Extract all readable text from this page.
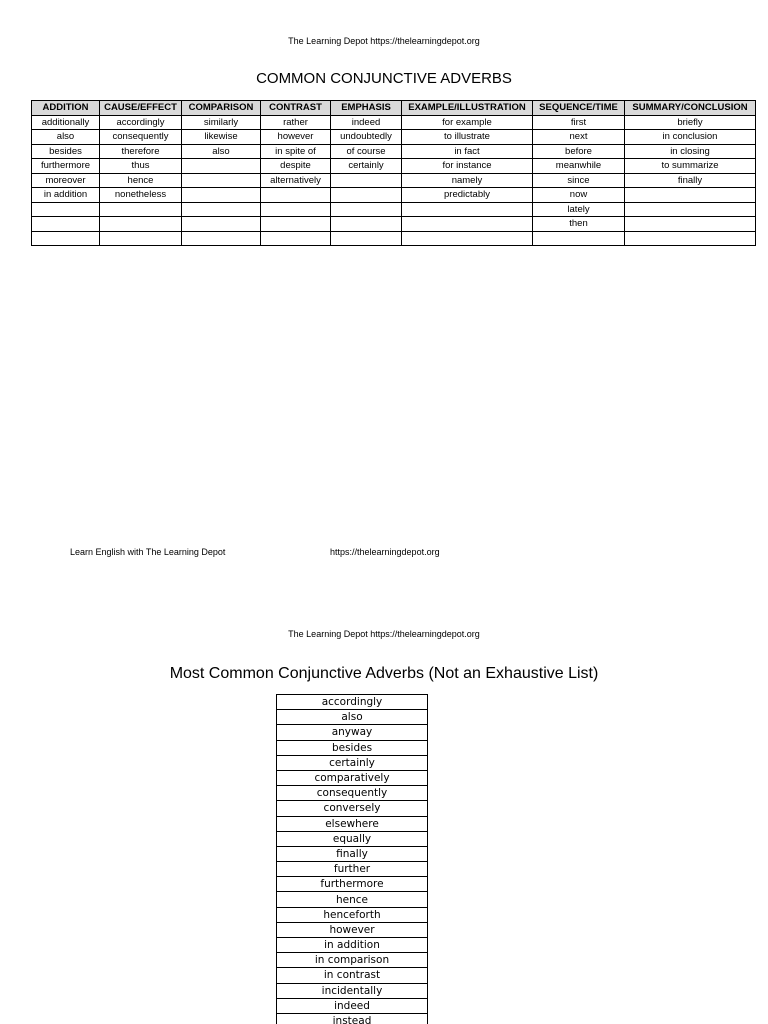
The Learning Depot https://thelearningdepot.org
COMMON CONJUNCTIVE ADVERBS
ADDITION	CAUSE/EFFECT	COMPARISON	CONTRAST	EMPHASIS	EXAMPLE/ILLUSTRATION	SEQUENCE/TIME	SUMMARY/CONCLUSION
additionally	accordingly	similarly	rather	indeed	for example	first	briefly
also	consequently	likewise	however	undoubtedly	to illustrate	next	in conclusion
besides	therefore	also	in spite of	of course	in fact	before	in closing
furthermore	thus		despite	certainly	for instance	meanwhile	to summarize
moreover	hence		alternatively		namely	since	finally
in addition	nonetheless				predictably	now	
						lately	
						then	

Learn English with The Learning Depot	https://thelearningdepot.org
The Learning Depot https://thelearningdepot.org
Most Common Conjunctive Adverbs (Not an Exhaustive List)
accordingly
also
anyway
besides
certainly
comparatively
consequently
conversely
elsewhere
equally
finally
further
furthermore
hence
henceforth
however
in addition
in comparison
in contrast
incidentally
indeed
instead
